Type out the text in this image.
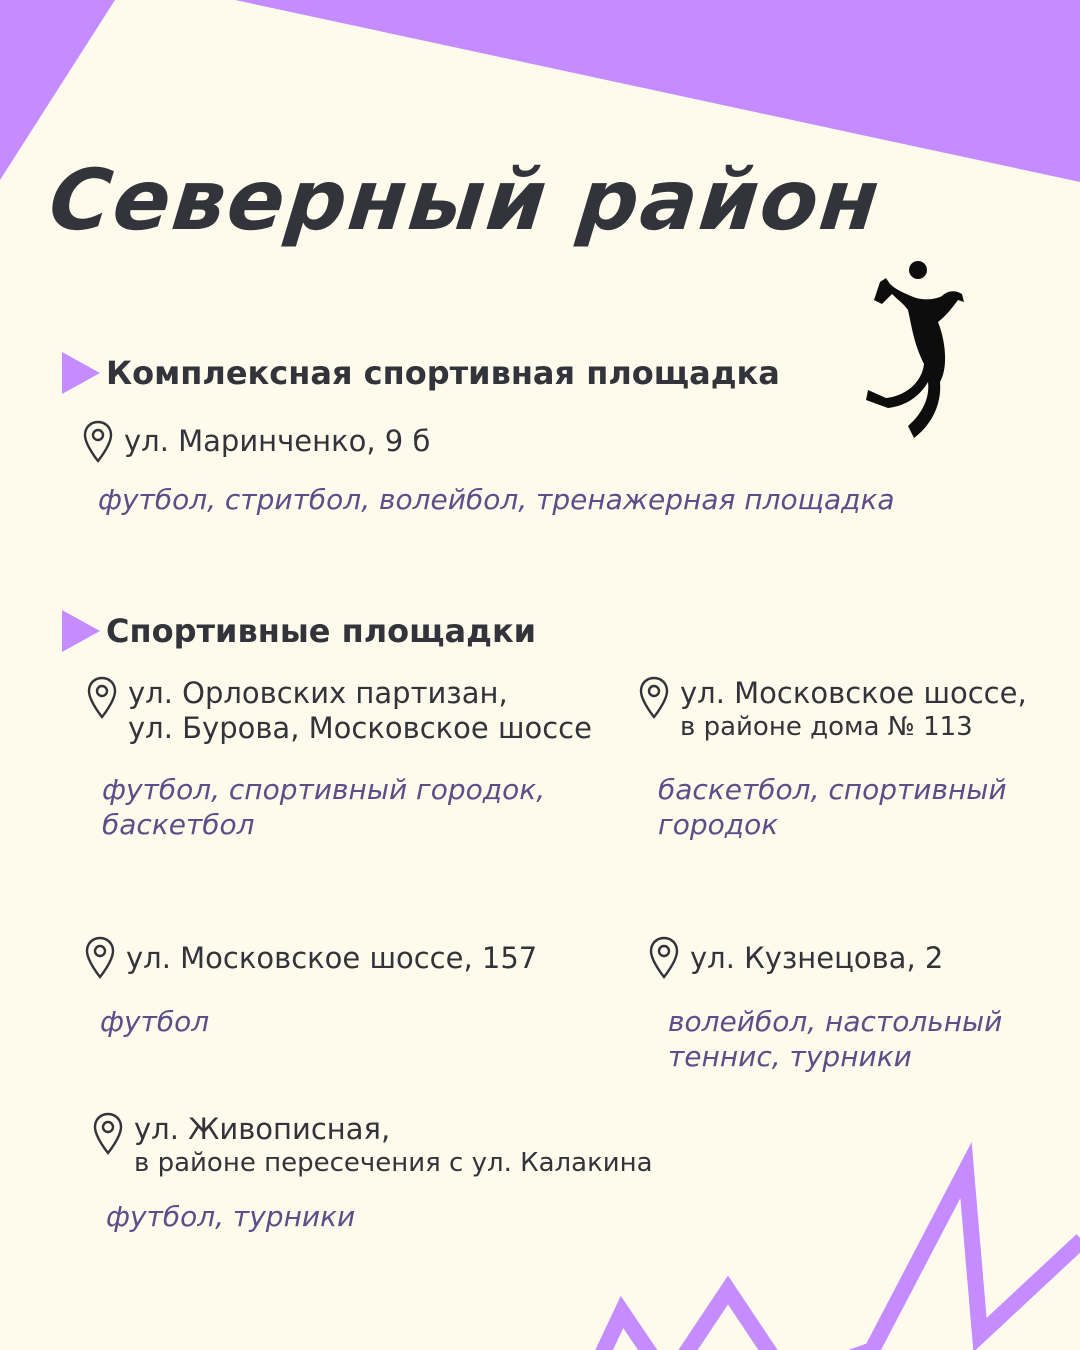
Северный район
Комплексная спортивная площадка
ул. Маринченко, 9 б

футбол, стритбол, волейбол, тренажерная площадка

Спортивные площадки
ул. Орловских партизан,
ул. Бурова, Московское шоссе
футбол, спортивный городок,
баскетбол
ул. Московское шоссе,
в районе дома № 113
баскетбол, спортивный
городок
ул. Московское шоссе, 157

футбол

ул. Кузнецова, 2
волейбол, настольный
теннис, турники
ул. Живописная,
в районе пересечения с ул. Калакина

футбол, турники
